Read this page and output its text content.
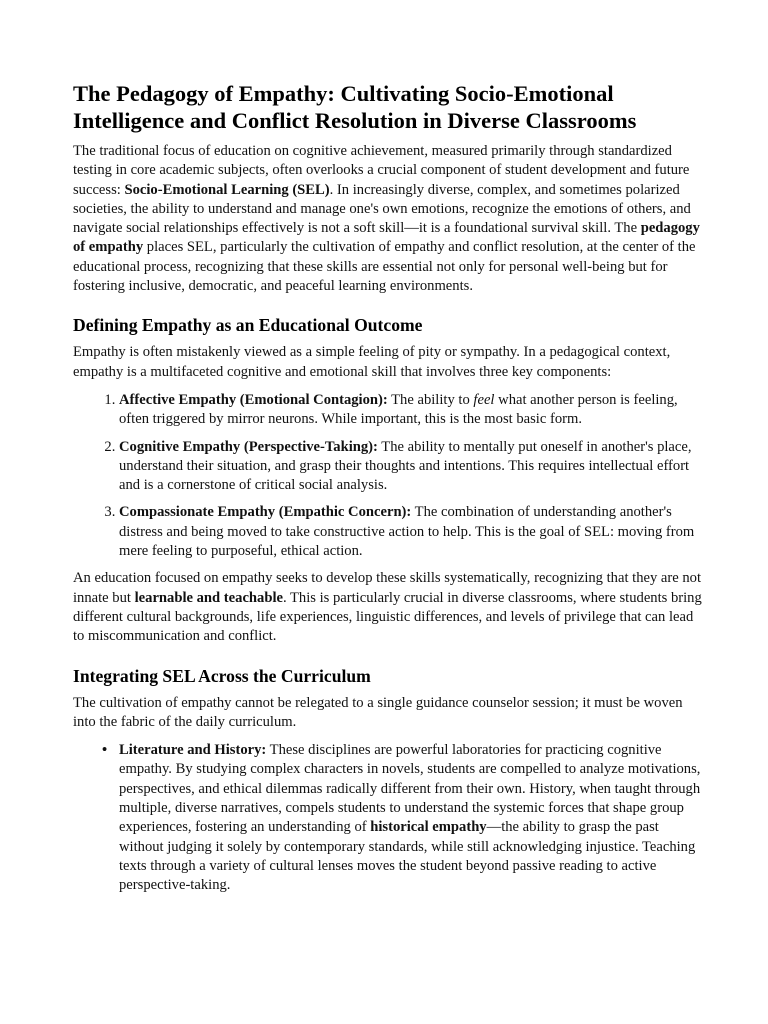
The Pedagogy of Empathy: Cultivating Socio-Emotional Intelligence and Conflict Resolution in Diverse Classrooms

The traditional focus of education on cognitive achievement, measured primarily through standardized testing in core academic subjects, often overlooks a crucial component of student development and future success: Socio-Emotional Learning (SEL). In increasingly diverse, complex, and sometimes polarized societies, the ability to understand and manage one's own emotions, recognize the emotions of others, and navigate social relationships effectively is not a soft skill—it is a foundational survival skill. The pedagogy of empathy places SEL, particularly the cultivation of empathy and conflict resolution, at the center of the educational process, recognizing that these skills are essential not only for personal well-being but for fostering inclusive, democratic, and peaceful learning environments.

Defining Empathy as an Educational Outcome

Empathy is often mistakenly viewed as a simple feeling of pity or sympathy. In a pedagogical context, empathy is a multifaceted cognitive and emotional skill that involves three key components:

1. Affective Empathy (Emotional Contagion): The ability to feel what another person is feeling, often triggered by mirror neurons. While important, this is the most basic form.
2. Cognitive Empathy (Perspective-Taking): The ability to mentally put oneself in another's place, understand their situation, and grasp their thoughts and intentions. This requires intellectual effort and is a cornerstone of critical social analysis.
3. Compassionate Empathy (Empathic Concern): The combination of understanding another's distress and being moved to take constructive action to help. This is the goal of SEL: moving from mere feeling to purposeful, ethical action.

An education focused on empathy seeks to develop these skills systematically, recognizing that they are not innate but learnable and teachable. This is particularly crucial in diverse classrooms, where students bring different cultural backgrounds, life experiences, linguistic differences, and levels of privilege that can lead to miscommunication and conflict.

Integrating SEL Across the Curriculum

The cultivation of empathy cannot be relegated to a single guidance counselor session; it must be woven into the fabric of the daily curriculum.

• Literature and History: These disciplines are powerful laboratories for practicing cognitive empathy. By studying complex characters in novels, students are compelled to analyze motivations, perspectives, and ethical dilemmas radically different from their own. History, when taught through multiple, diverse narratives, compels students to understand the systemic forces that shape group experiences, fostering an understanding of historical empathy—the ability to grasp the past without judging it solely by contemporary standards, while still acknowledging injustice. Teaching texts through a variety of cultural lenses moves the student beyond passive reading to active perspective-taking.
